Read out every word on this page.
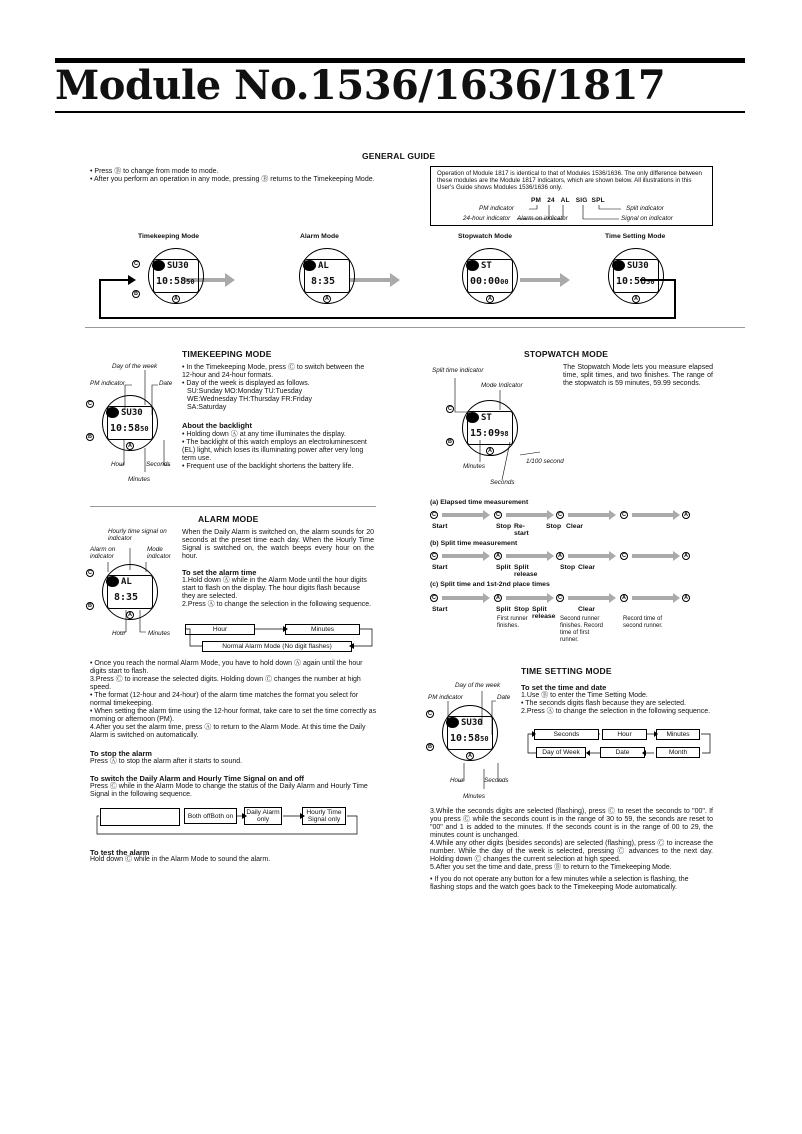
Module No.1536/1636/1817
GENERAL GUIDE
• Press Ⓑ to change from mode to mode.
• After you perform an operation in any mode, pressing Ⓑ returns to the Timekeeping Mode.
Operation of Module 1817 is identical to that of Modules 1536/1636. The only difference between these modules are the Module 1817 indicators, which are shown below. All illustrations in this User's Guide shows Modules 1536/1636 only.
PM 24 AL SIG SPL
PM indicator
24-hour indicator Alarm on indicator
Split indicator
Signal on indicator
Timekeeping Mode	Alarm Mode	Stopwatch Mode	Time Setting Mode
SU30
10:5850
C
B
A
AL
8:35
A
ST
00:0000
A
SU30
10:5850
A
TIMEKEEPING MODE
SU30
10:5850
C
B
A
Day of the week
PM indicator	Date
Hour	Seconds
Minutes
• In the Timekeeping Mode, press Ⓒ to switch between the 12-hour and 24-hour formats.
• Day of the week is displayed as follows.
SU:Sunday MO:Monday TU:Tuesday
WE:Wednesday TH:Thursday FR:Friday
SA:Saturday
About the backlight
• Holding down Ⓐ at any time illuminates the display.
• The backlight of this watch employs an electroluminescent (EL) light, which loses its illuminating power after very long term use.
• Frequent use of the backlight shortens the battery life.
ALARM MODE
When the Daily Alarm is switched on, the alarm sounds for 20 seconds at the preset time each day. When the Hourly Time Signal is switched on, the watch beeps every hour on the hour.
Hourly time signal on indicator
Alarm on indicator
Mode indicator
AL
8:35
C
B
A
Hour	Minutes
To set the alarm time
1.Hold down Ⓐ while in the Alarm Mode until the hour digits start to flash on the display. The hour digits flash because they are selected.
2.Press Ⓐ to change the selection in the following sequence.
Hour	Minutes
Normal Alarm Mode (No digit flashes)
• Once you reach the normal Alarm Mode, you have to hold down Ⓐ again until the hour digits start to flash.
3.Press Ⓒ to increase the selected digits. Holding down Ⓒ changes the number at high speed.
• The format (12-hour and 24-hour) of the alarm time matches the format you select for normal timekeeping.
• When setting the alarm time using the 12-hour format, take care to set the time correctly as morning or afternoon (PM).
4.After you set the alarm time, press Ⓐ to return to the Alarm Mode. At this time the Daily Alarm is switched on automatically.
To stop the alarm
Press Ⓐ to stop the alarm after it starts to sound.
To switch the Daily Alarm and Hourly Time Signal on and off
Press Ⓒ while in the Alarm Mode to change the status of the Daily Alarm and Hourly Time Signal in the following sequence.
Both off Both on	Daily Alarm only
Hourly Time Signal only
To test the alarm
Hold down Ⓒ while in the Alarm Mode to sound the alarm.
STOPWATCH MODE
The Stopwatch Mode lets you measure elapsed time, split times, and two finishes. The range of the stopwatch is 59 minutes, 59.99 seconds.
Split time indicator
Mode Indicator
ST
15:0998
C
B
A
1/100 second
Minutes
Seconds
(a) Elapsed time measurement
C	C	C	C	A
Start	Stop Re-start
Stop Clear
(b) Split time measurement
C	A	A	C	A
Start	Split Split release
Stop Clear
(c) Split time and 1st-2nd place times
C	A	C	A	A
Start	Split Stop Split release
Clear
First runner finishes.
Second runner finishes. Record time of first runner.
Record time of second runner.
TIME SETTING MODE
Day of the week
PM indicator	Date
SU30
10:5850
C
B
A
Hour	Seconds
Minutes
To set the time and date
1.Use Ⓑ to enter the Time Setting Mode.
• The seconds digits flash because they are selected.
2.Press Ⓐ to change the selection in the following sequence.
Seconds	Hour	Minutes
Day of Week	Date	Month
3.While the seconds digits are selected (flashing), press Ⓒ to reset the seconds to "00". If you press Ⓒ while the seconds count is in the range of 30 to 59, the seconds are reset to "00" and 1 is added to the minutes. If the seconds count is in the range of 00 to 29, the minutes count is unchanged.
4.While any other digits (besides seconds) are selected (flashing), press Ⓒ to increase the number. While the day of the week is selected, pressing Ⓒ advances to the next day. Holding down Ⓒ changes the current selection at high speed.
5.After you set the time and date, press Ⓑ to return to the Timekeeping Mode.
• If you do not operate any button for a few minutes while a selection is flashing, the flashing stops and the watch goes back to the Timekeeping Mode automatically.
